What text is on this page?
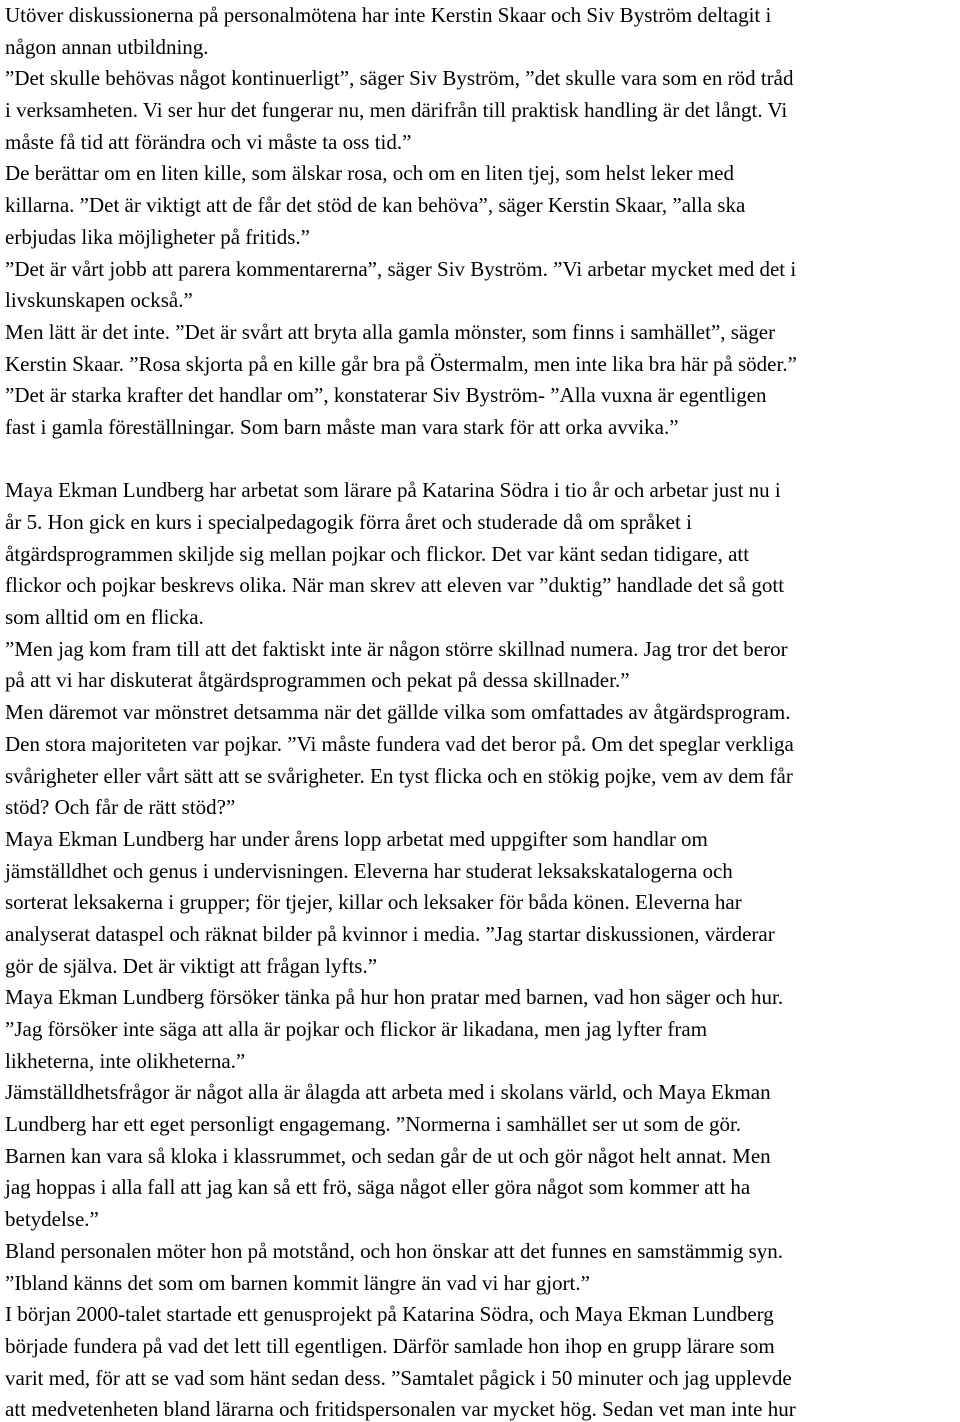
Utöver diskussionerna på personalmötena har inte Kerstin Skaar och Siv Byström deltagit i
någon annan utbildning.
”Det skulle behövas något kontinuerligt”, säger Siv Byström, ”det skulle vara som en röd tråd
i verksamheten. Vi ser hur det fungerar nu, men därifrån till praktisk handling är det långt. Vi
måste få tid att förändra och vi måste ta oss tid.”
De berättar om en liten kille, som älskar rosa, och om en liten tjej, som helst leker med
killarna. ”Det är viktigt att de får det stöd de kan behöva”, säger Kerstin Skaar, ”alla ska
erbjudas lika möjligheter på fritids.”
”Det är vårt jobb att parera kommentarerna”, säger Siv Byström. ”Vi arbetar mycket med det i
livskunskapen också.”
Men lätt är det inte. ”Det är svårt att bryta alla gamla mönster, som finns i samhället”, säger
Kerstin Skaar. ”Rosa skjorta på en kille går bra på Östermalm, men inte lika bra här på söder.”
”Det är starka krafter det handlar om”, konstaterar Siv Byström- ”Alla vuxna är egentligen
fast i gamla föreställningar. Som barn måste man vara stark för att orka avvika.”
Maya Ekman Lundberg har arbetat som lärare på Katarina Södra i tio år och arbetar just nu i
år 5. Hon gick en kurs i specialpedagogik förra året och studerade då om språket i
åtgärdsprogrammen skiljde sig mellan pojkar och flickor. Det var känt sedan tidigare, att
flickor och pojkar beskrevs olika. När man skrev att eleven var ”duktig” handlade det så gott
som alltid om en flicka.
”Men jag kom fram till att det faktiskt inte är någon större skillnad numera. Jag tror det beror
på att vi har diskuterat åtgärdsprogrammen och pekat på dessa skillnader.”
Men däremot var mönstret detsamma när det gällde vilka som omfattades av åtgärdsprogram.
Den stora majoriteten var pojkar. ”Vi måste fundera vad det beror på. Om det speglar verkliga
svårigheter eller vårt sätt att se svårigheter. En tyst flicka och en stökig pojke, vem av dem får
stöd? Och får de rätt stöd?”
Maya Ekman Lundberg har under årens lopp arbetat med uppgifter som handlar om
jämställdhet och genus i undervisningen. Eleverna har studerat leksakskatalogerna och
sorterat leksakerna i grupper; för tjejer, killar och leksaker för båda könen. Eleverna har
analyserat dataspel och räknat bilder på kvinnor i media. ”Jag startar diskussionen, värderar
gör de själva. Det är viktigt att frågan lyfts.”
Maya Ekman Lundberg försöker tänka på hur hon pratar med barnen, vad hon säger och hur.
”Jag försöker inte säga att alla är pojkar och flickor är likadana, men jag lyfter fram
likheterna, inte olikheterna.”
Jämställdhetsfrågor är något alla är ålagda att arbeta med i skolans värld, och Maya Ekman
Lundberg har ett eget personligt engagemang. ”Normerna i samhället ser ut som de gör.
Barnen kan vara så kloka i klassrummet, och sedan går de ut och gör något helt annat. Men
jag hoppas i alla fall att jag kan så ett frö, säga något eller göra något som kommer att ha
betydelse.”
Bland personalen möter hon på motstånd, och hon önskar att det funnes en samstämmig syn.
”Ibland känns det som om barnen kommit längre än vad vi har gjort.”
I början 2000-talet startade ett genusprojekt på Katarina Södra, och Maya Ekman Lundberg
började fundera på vad det lett till egentligen. Därför samlade hon ihop en grupp lärare som
varit med, för att se vad som hänt sedan dess. ”Samtalet pågick i 50 minuter och jag upplevde
att medvetenheten bland lärarna och fritidspersonalen var mycket hög. Sedan vet man inte hur
